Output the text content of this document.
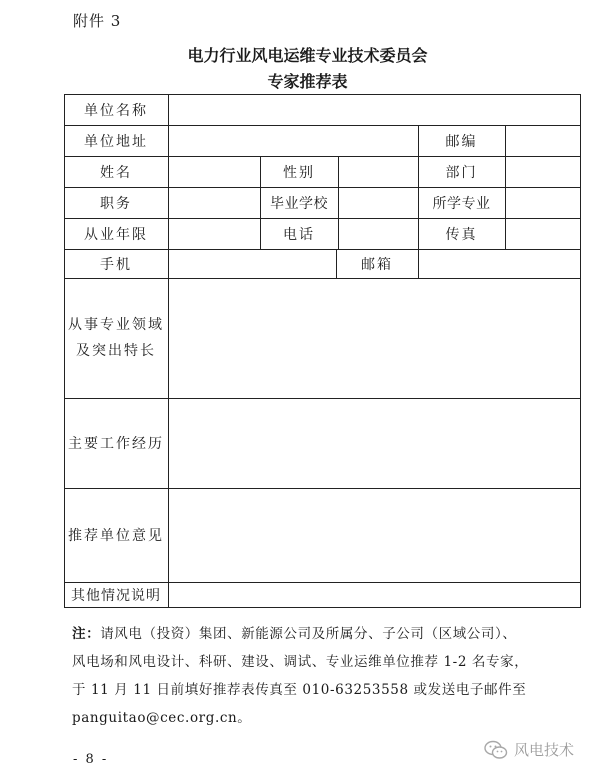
附件 3
电力行业风电运维专业技术委员会
专家推荐表
单位名称
单位地址	邮编
姓名	性别	部门
职务	毕业学校	所学专业
从业年限	电话	传真
手机	邮箱
从事专业领域
及突出特长
主要工作经历
推荐单位意见
其他情况说明
注：请风电（投资）集团、新能源公司及所属分、子公司（区域公司）、
风电场和风电设计、科研、建设、调试、专业运维单位推荐 1-2 名专家，
于 11 月 11 日前填好推荐表传真至 010-63253558 或发送电子邮件至
panguitao@cec.org.cn。
- 8 -
风电技术
